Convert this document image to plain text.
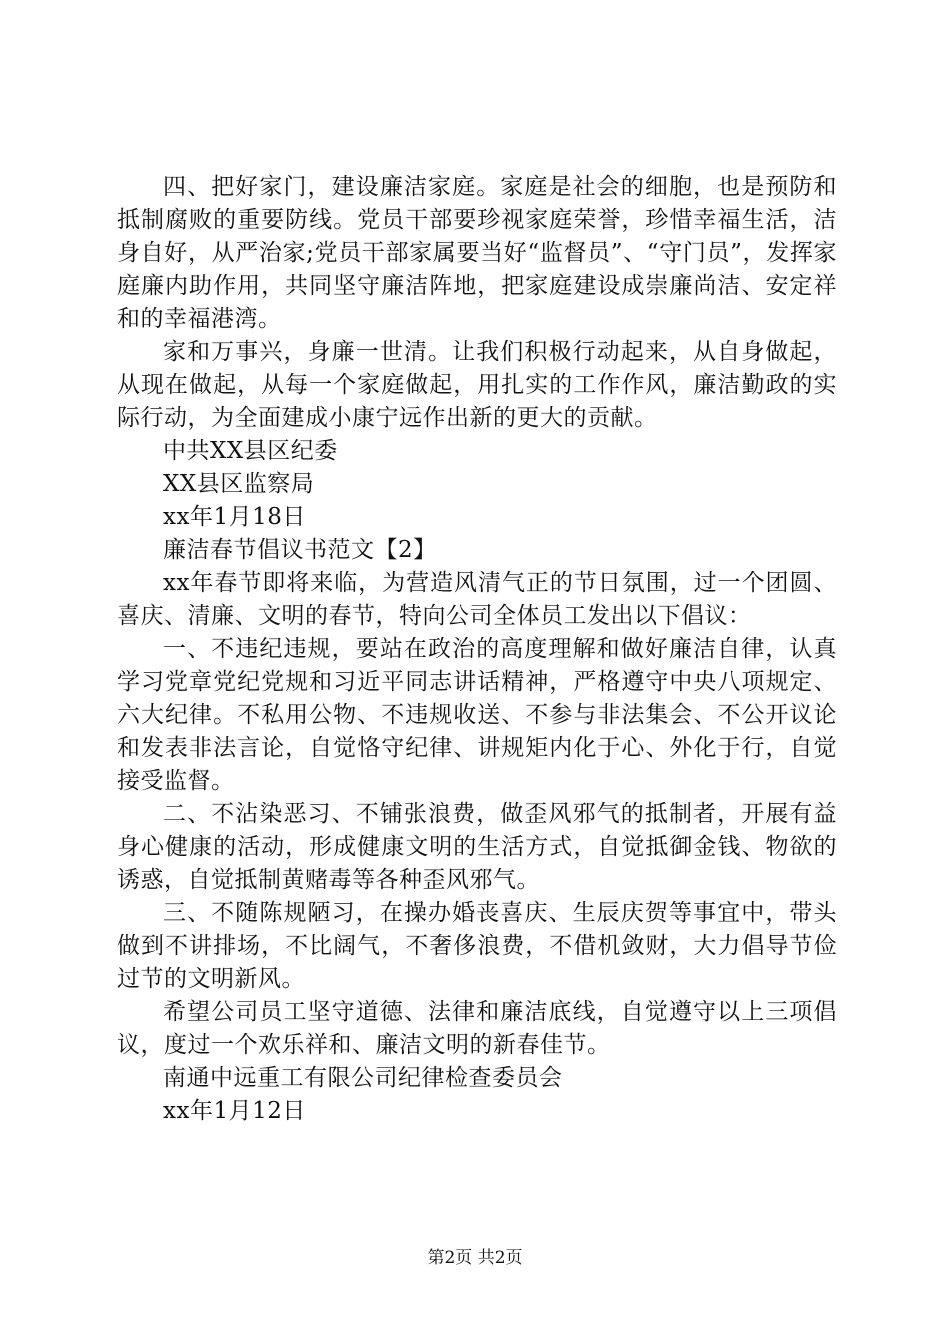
四、把好家门，建设廉洁家庭。家庭是社会的细胞，也是预防和抵制腐败的重要防线。党员干部要珍视家庭荣誉，珍惜幸福生活，洁身自好，从严治家;党员干部家属要当好“监督员”、“守门员”，发挥家庭廉内助作用，共同坚守廉洁阵地，把家庭建设成崇廉尚洁、安定祥和的幸福港湾。

家和万事兴，身廉一世清。让我们积极行动起来，从自身做起，从现在做起，从每一个家庭做起，用扎实的工作作风，廉洁勤政的实际行动，为全面建成小康宁远作出新的更大的贡献。

中共XX县区纪委

XX县区监察局

xx年1月18日

廉洁春节倡议书范文【2】

xx年春节即将来临，为营造风清气正的节日氛围，过一个团圆、喜庆、清廉、文明的春节，特向公司全体员工发出以下倡议：

一、不违纪违规，要站在政治的高度理解和做好廉洁自律，认真学习党章党纪党规和习近平同志讲话精神，严格遵守中央八项规定、六大纪律。不私用公物、不违规收送、不参与非法集会、不公开议论和发表非法言论，自觉恪守纪律、讲规矩内化于心、外化于行，自觉接受监督。

二、不沾染恶习、不铺张浪费，做歪风邪气的抵制者，开展有益身心健康的活动，形成健康文明的生活方式，自觉抵御金钱、物欲的诱惑，自觉抵制黄赌毒等各种歪风邪气。

三、不随陈规陋习，在操办婚丧喜庆、生辰庆贺等事宜中，带头做到不讲排场，不比阔气，不奢侈浪费，不借机敛财，大力倡导节俭过节的文明新风。

希望公司员工坚守道德、法律和廉洁底线，自觉遵守以上三项倡议，度过一个欢乐祥和、廉洁文明的新春佳节。

南通中远重工有限公司纪律检查委员会

xx年1月12日

第2页 共2页
